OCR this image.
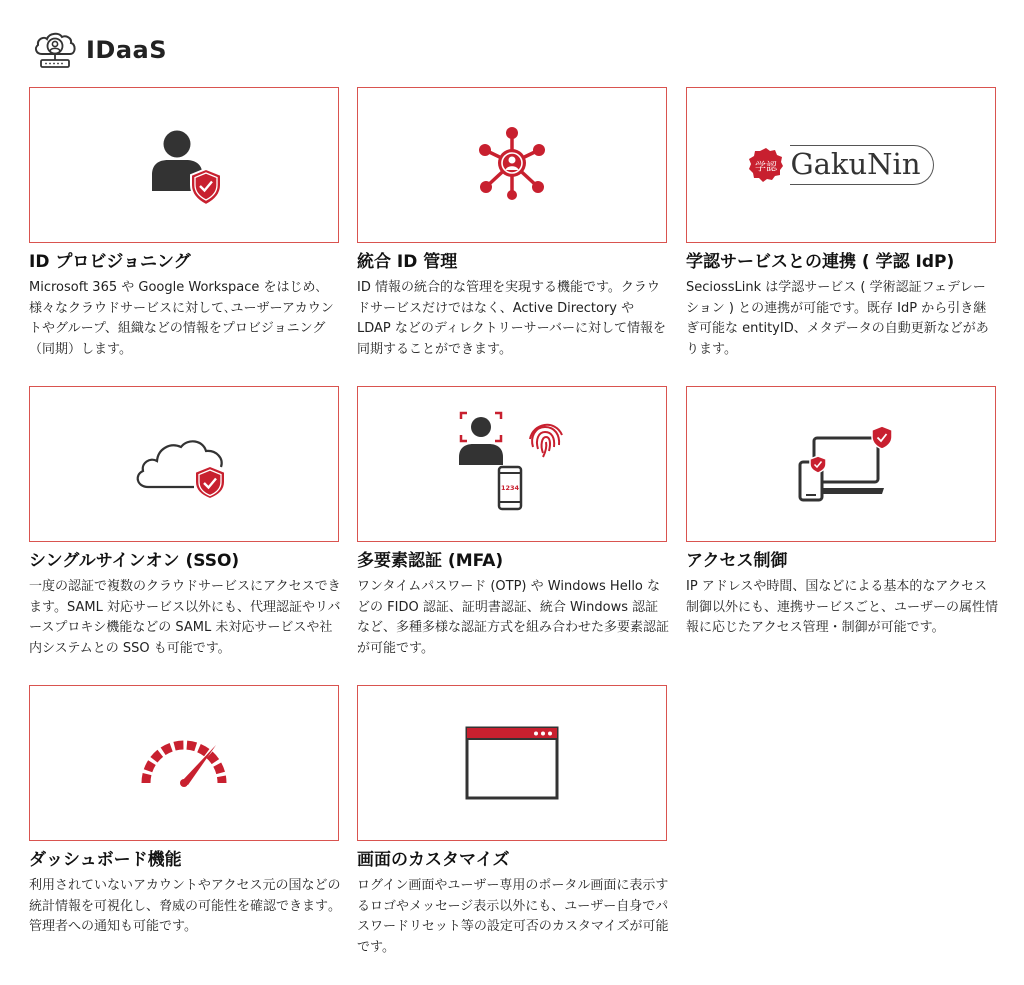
IDaaS
ID プロビジョニング
Microsoft 365 や Google Workspace をはじめ､様々なクラウドサービスに対して､ユーザーアカウントやグループ、組織などの情報をプロビジョニング（同期）します。
統合 ID 管理
ID 情報の統合的な管理を実現する機能です。クラウドサービスだけではなく、Active Directory や LDAP などのディレクトリーサーバーに対して情報を同期することができます。
学認 GakuNin
学認サービスとの連携 ( 学認 IdP)
SeciossLink は学認サービス ( 学術認証フェデレーション ) との連携が可能です。既存 IdP から引き継ぎ可能な entityID、メタデータの自動更新などがあります。
シングルサインオン (SSO)
一度の認証で複数のクラウドサービスにアクセスできます。SAML 対応サービス以外にも、代理認証やリバースプロキシ機能などの SAML 未対応サービスや社内システムとの SSO も可能です。
1234
多要素認証 (MFA)
ワンタイムパスワード (OTP) や Windows Hello などの FIDO 認証、証明書認証、統合 Windows 認証など、多種多様な認証方式を組み合わせた多要素認証が可能です。
アクセス制御
IP アドレスや時間、国などによる基本的なアクセス制御以外にも、連携サービスごと、ユーザーの属性情報に応じたアクセス管理・制御が可能です。
ダッシュボード機能
利用されていないアカウントやアクセス元の国などの統計情報を可視化し、脅威の可能性を確認できます｡管理者への通知も可能です。
画面のカスタマイズ
ログイン画面やユーザー専用のポータル画面に表示するロゴやメッセージ表示以外にも、ユーザー自身でパスワードリセット等の設定可否のカスタマイズが可能です。
